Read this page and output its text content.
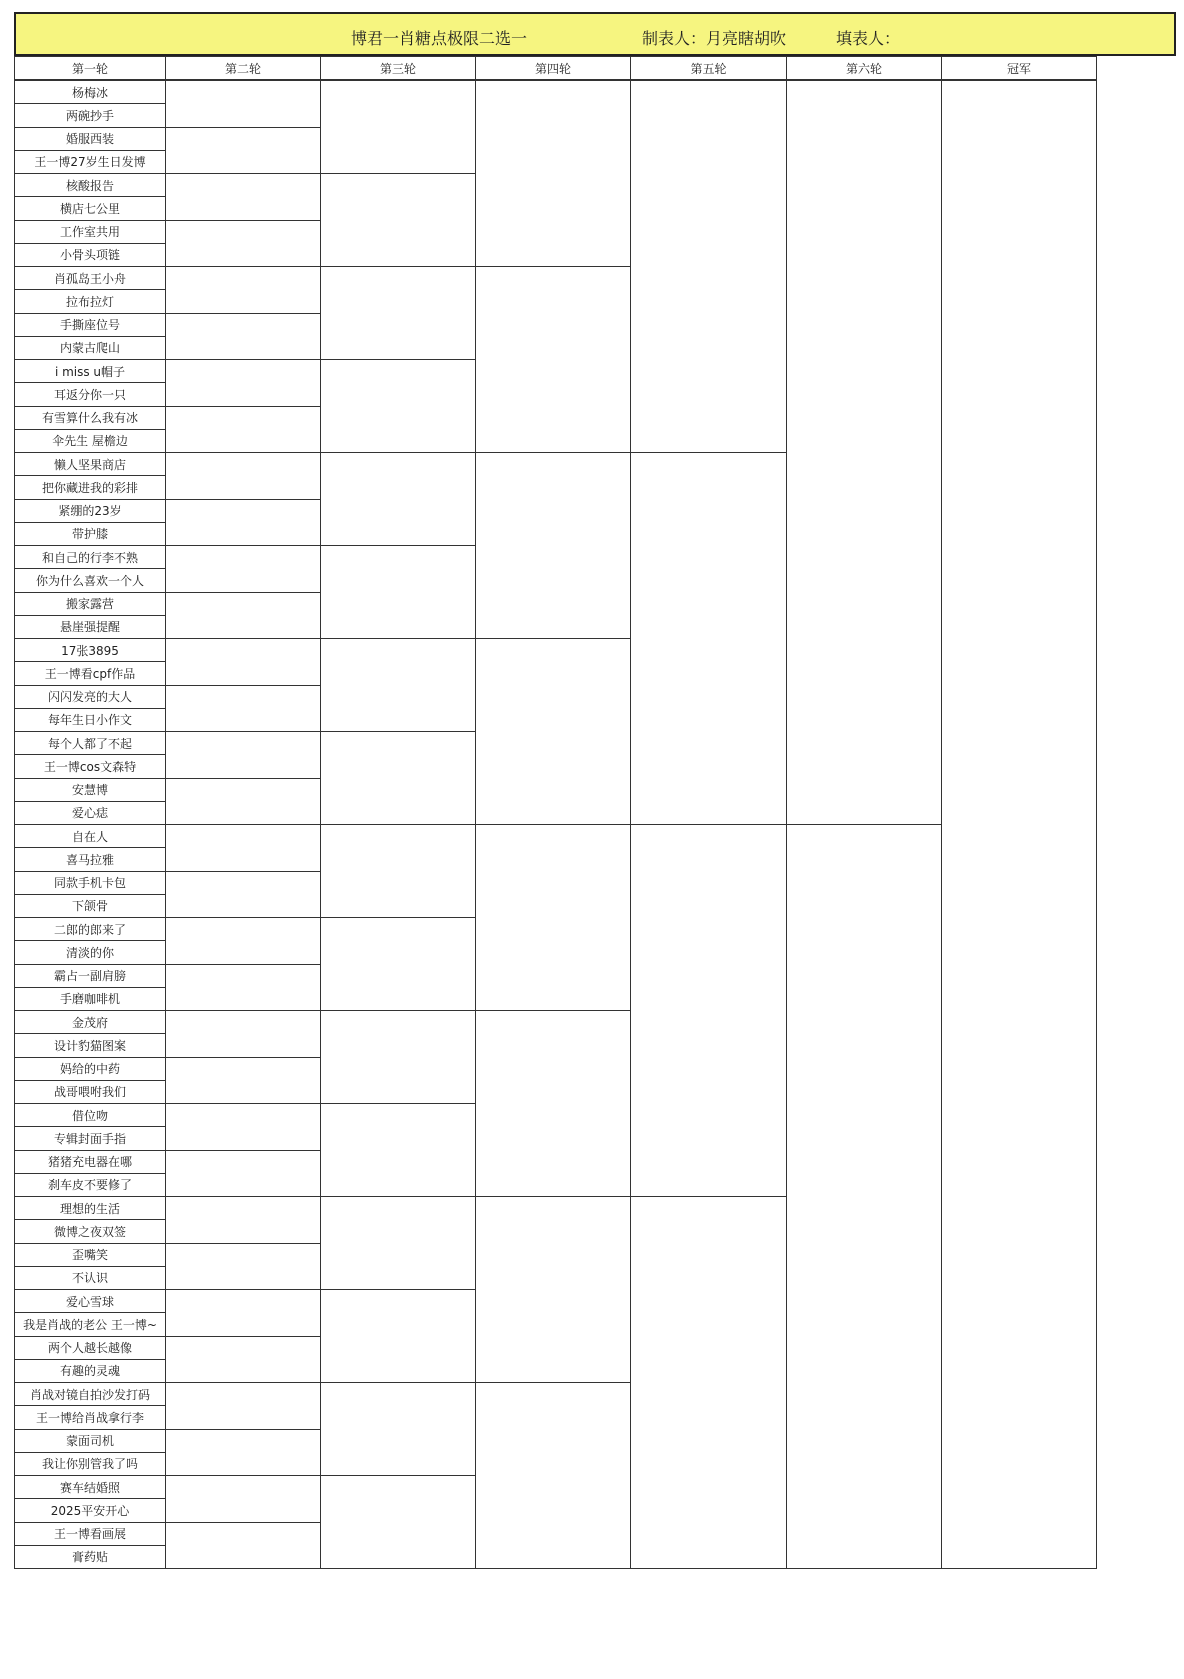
博君一肖糖点极限二选一	制表人：月亮瞎胡吹	填表人：
第一轮	第二轮	第三轮	第四轮	第五轮	第六轮	冠军
杨梅冰
两碗抄手
婚服西装
王一博27岁生日发博
核酸报告
横店七公里
工作室共用
小骨头项链
肖孤岛王小舟
拉布拉灯
手撕座位号
内蒙古爬山
i miss u帽子
耳返分你一只
有雪算什么我有冰
伞先生 屋檐边
懒人坚果商店
把你藏进我的彩排
紧绷的23岁
带护膝
和自己的行李不熟
你为什么喜欢一个人
搬家露营
悬崖强提醒
17张3895
王一博看cpf作品
闪闪发亮的大人
每年生日小作文
每个人都了不起
王一博cos文森特
安慧博
爱心痣
自在人
喜马拉雅
同款手机卡包
下颌骨
二郎的郎来了
清淡的你
霸占一副肩膀
手磨咖啡机
金茂府
设计豹猫图案
妈给的中药
战哥喂咐我们
借位吻
专辑封面手指
猪猪充电器在哪
刹车皮不要修了
理想的生活
微博之夜双签
歪嘴笑
不认识
爱心雪球
我是肖战的老公 王一博~
两个人越长越像
有趣的灵魂
肖战对镜自拍沙发打码
王一博给肖战拿行李
蒙面司机
我让你别管我了吗
赛车结婚照
2025平安开心
王一博看画展
膏药贴
